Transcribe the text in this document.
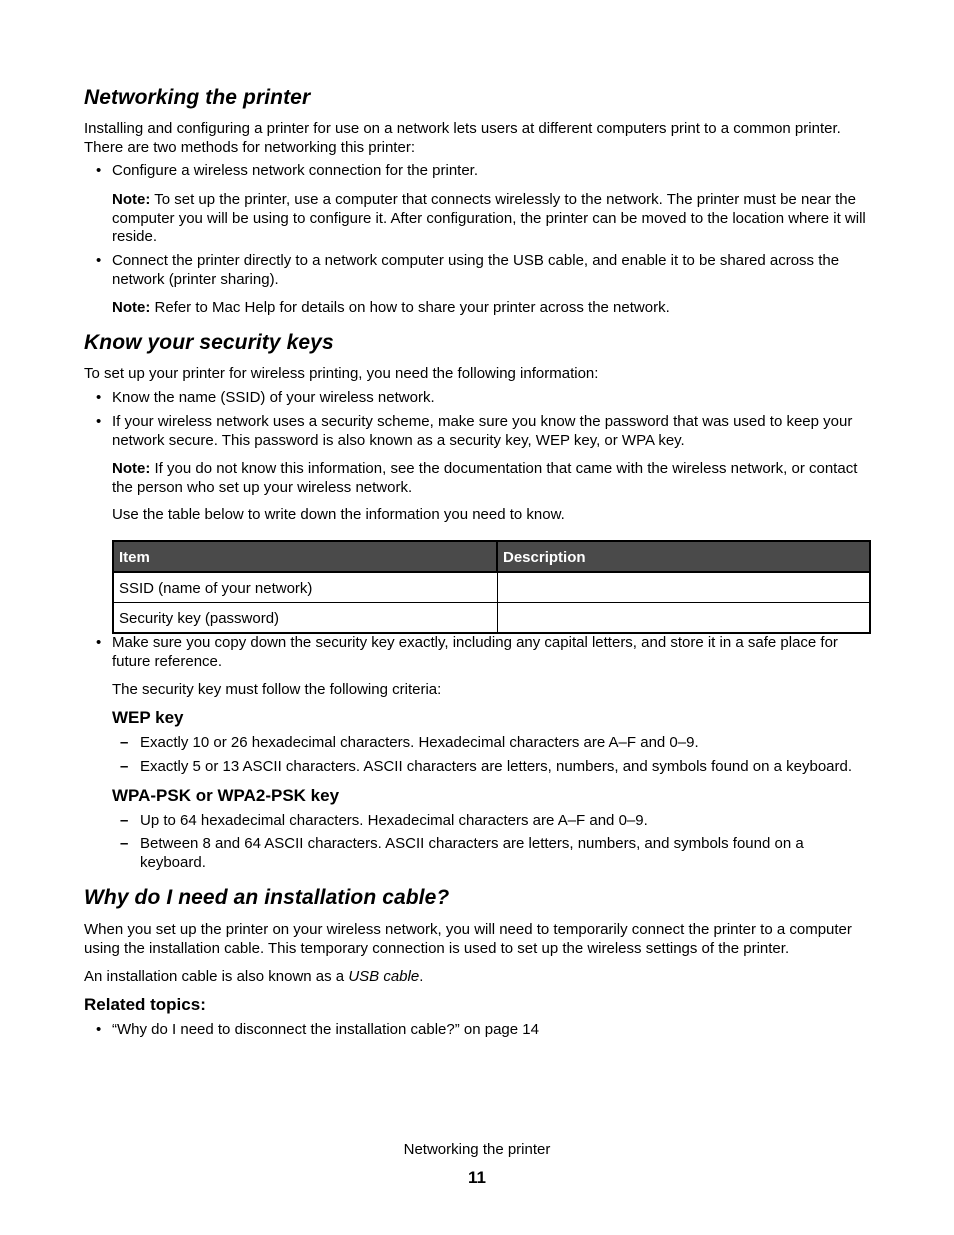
Networking the printer

Installing and configuring a printer for use on a network lets users at different computers print to a common printer. There are two methods for networking this printer:

• Configure a wireless network connection for the printer.

Note: To set up the printer, use a computer that connects wirelessly to the network. The printer must be near the computer you will be using to configure it. After configuration, the printer can be moved to the location where it will reside.

• Connect the printer directly to a network computer using the USB cable, and enable it to be shared across the network (printer sharing).

Note: Refer to Mac Help for details on how to share your printer across the network.

Know your security keys

To set up your printer for wireless printing, you need the following information:

• Know the name (SSID) of your wireless network.

• If your wireless network uses a security scheme, make sure you know the password that was used to keep your network secure. This password is also known as a security key, WEP key, or WPA key.

Note: If you do not know this information, see the documentation that came with the wireless network, or contact the person who set up your wireless network.

Use the table below to write down the information you need to know.

Item	Description
SSID (name of your network)	
Security key (password)	
• Make sure you copy down the security key exactly, including any capital letters, and store it in a safe place for future reference.

The security key must follow the following criteria:

WEP key
– Exactly 10 or 26 hexadecimal characters. Hexadecimal characters are A–F and 0–9.

– Exactly 5 or 13 ASCII characters. ASCII characters are letters, numbers, and symbols found on a keyboard.

WPA-PSK or WPA2-PSK key
– Up to 64 hexadecimal characters. Hexadecimal characters are A–F and 0–9.

– Between 8 and 64 ASCII characters. ASCII characters are letters, numbers, and symbols found on a keyboard.

Why do I need an installation cable?

When you set up the printer on your wireless network, you will need to temporarily connect the printer to a computer using the installation cable. This temporary connection is used to set up the wireless settings of the printer.

An installation cable is also known as a USB cable.

Related topics:
• “Why do I need to disconnect the installation cable?” on page 14

Networking the printer
11
